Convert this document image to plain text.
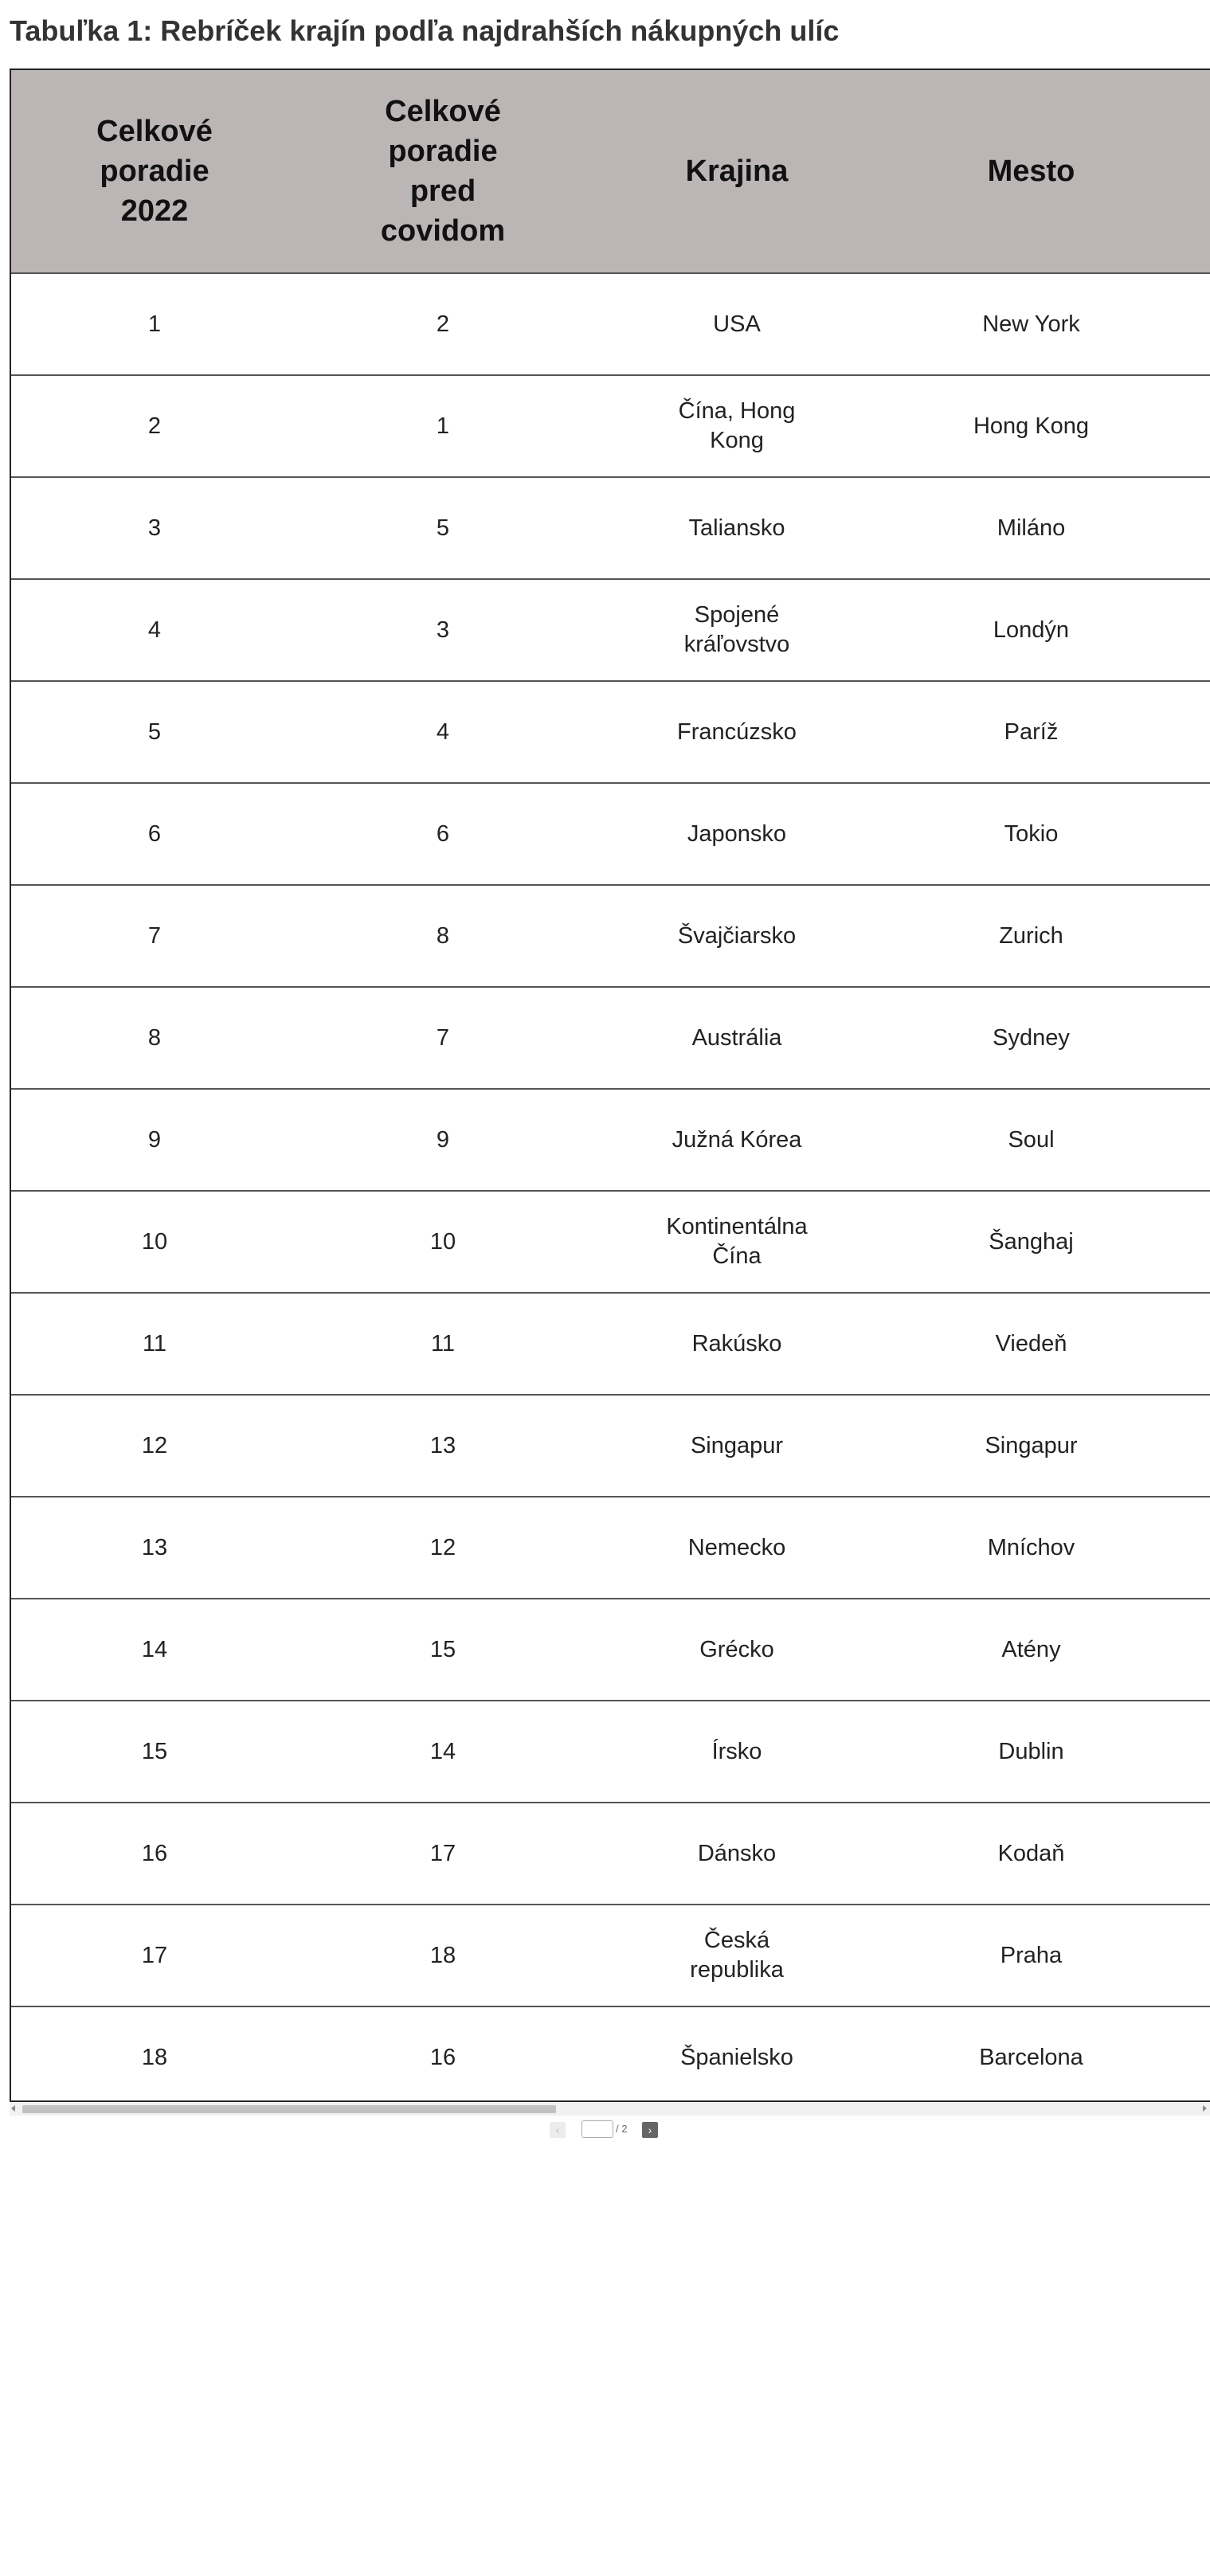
Tabuľka 1: Rebríček krajín podľa najdrahších nákupných ulíc
Celkové poradie 2022	Celkové poradie pred covidom	Krajina	Mesto	
1	2	USA	New York	
2	1	Čína, Hong Kong	Hong Kong	
3	5	Taliansko	Miláno	
4	3	Spojené kráľovstvo	Londýn	
5	4	Francúzsko	Paríž	
6	6	Japonsko	Tokio	
7	8	Švajčiarsko	Zurich	
8	7	Austrália	Sydney	
9	9	Južná Kórea	Soul	
10	10	Kontinentálna Čína	Šanghaj	
11	11	Rakúsko	Viedeň	
12	13	Singapur	Singapur	
13	12	Nemecko	Mníchov	
14	15	Grécko	Atény	
15	14	Írsko	Dublin	
16	17	Dánsko	Kodaň	
17	18	Česká republika	Praha	
18	16	Španielsko	Barcelona	
‹	/ 2	›
